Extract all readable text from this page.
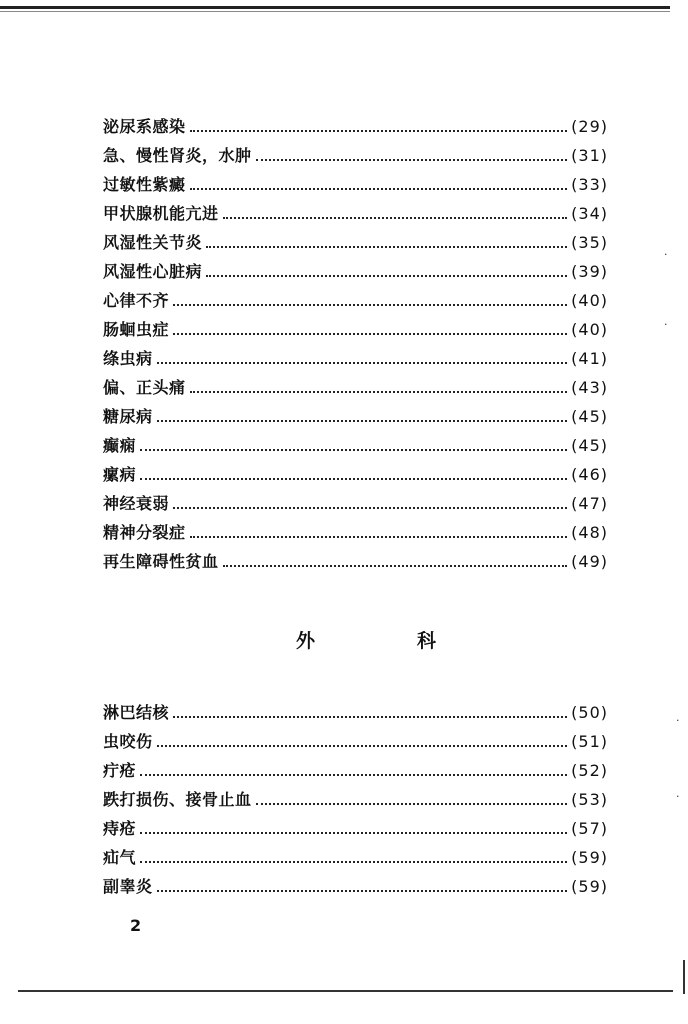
泌尿系感染	(29)
急、慢性肾炎，水肿	(31)
过敏性紫癜	(33)
甲状腺机能亢进	(34)
风湿性关节炎	(35)
风湿性心脏病	(39)
心律不齐	(40)
肠蛔虫症	(40)
绦虫病	(41)
偏、正头痛	(43)
糖尿病	(45)
癫痫	(45)
瘰病	(46)
神经衰弱	(47)
精神分裂症	(48)
再生障碍性贫血	(49)
外	科
淋巴结核	(50)
虫咬伤	(51)
疔疮	(52)
跌打损伤、接骨止血	(53)
痔疮	(57)
疝气	(59)
副睾炎	(59)
2
·
·
·
·
